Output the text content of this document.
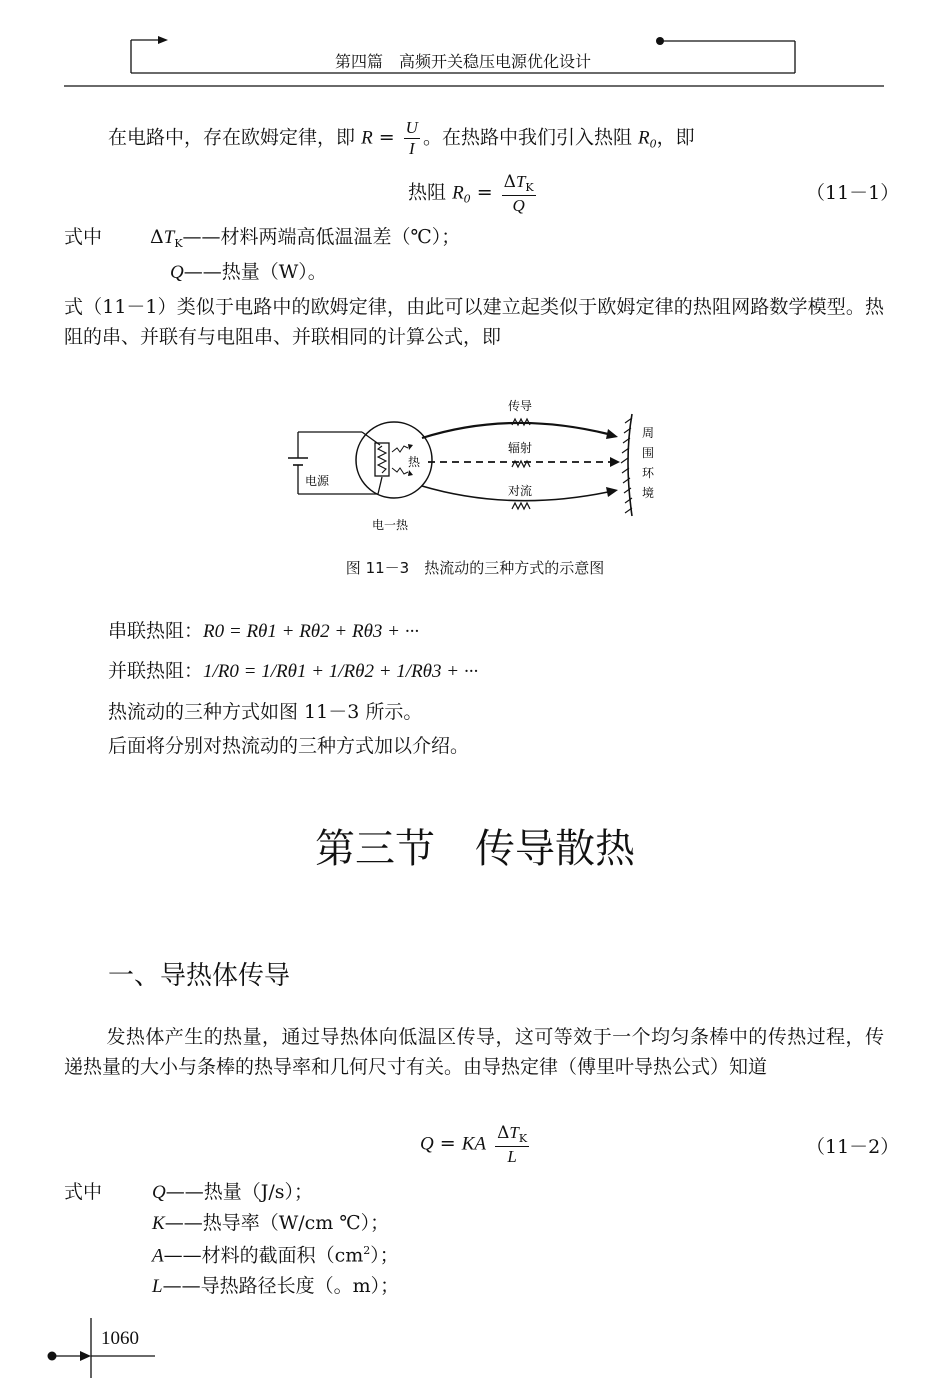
第四篇　高频开关稳压电源优化设计
在电路中，存在欧姆定律，即 $R = \frac{U}{I}$ 。在热路中我们引入热阻 $R_0$，即
热阻 $R_0 = \frac{\Delta T_K}{Q}$	（11－1）
式中	$\Delta T_K——$材料两端高低温温差（℃）；
Q——热量（W）。
式（11－1）类似于电路中的欧姆定律，由此可以建立起类似于欧姆定律的热阻网路数学模型。热阻的串、并联有与电阻串、并联相同的计算公式，即
热
电源
电一热
传导
辐射
对流
周
围
环
境
图 11－3　热流动的三种方式的示意图
串联热阻：R0 = Rθ1 + Rθ2 + Rθ3 + ···
并联热阻：1/R0 = 1/Rθ1 + 1/Rθ2 + 1/Rθ3 + ···
热流动的三种方式如图 11－3 所示。
后面将分别对热流动的三种方式加以介绍。
第三节　传导散热
一、导热体传导
发热体产生的热量，通过导热体向低温区传导，这可等效于一个均匀条棒中的传热过程，传递热量的大小与条棒的热导率和几何尺寸有关。由导热定律（傅里叶导热公式）知道
Q = KA $\frac{\Delta T_K}{L}$	（11－2）
式中	Q——热量（J/s）；
K——热导率（W/cm ℃）；
A——材料的截面积$(cm^2)$；
L——导热路径长度（。m）；
1060
